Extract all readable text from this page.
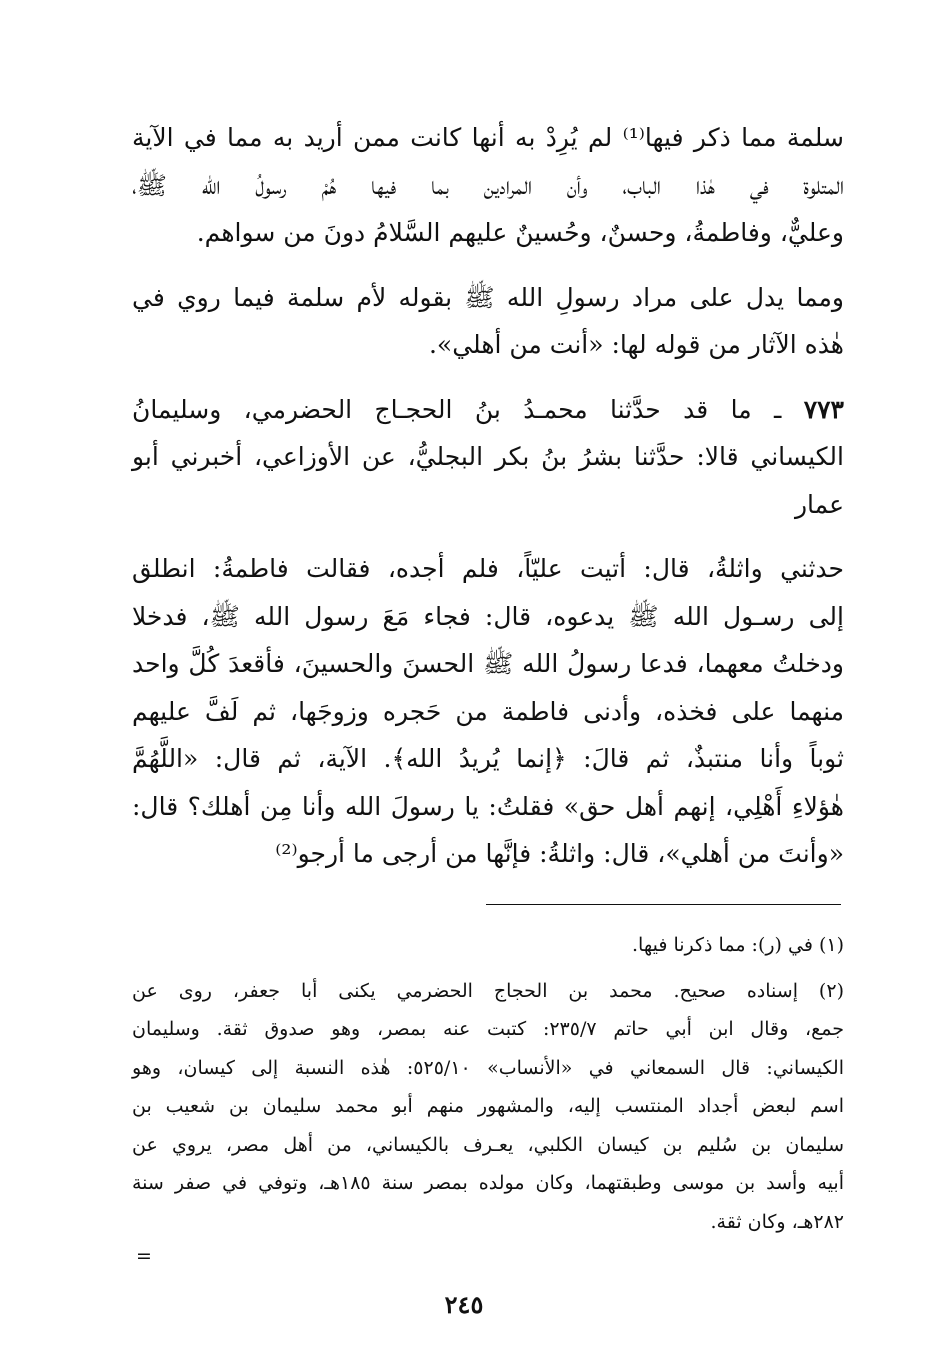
سلمة مما ذكر فيها⁽¹⁾ لم يُرِدْ به أنها كانت ممن أريد به مما في الآية
المتلوة في هٰذا الباب، وأن المرادين بما فيها هُمْ رسولُ الله ﷺ،
وعليٌّ، وفاطمةُ، وحسنٌ، وحُسينٌ عليهم السَّلامُ دونَ من سواهم.

ومما يدل على مراد رسولِ الله ﷺ بقوله لأم سلمة فيما روي في
هٰذه الآثار من قوله لها: «أنت من أهلي».

٧٧٣ ـ ما قد حدَّثنا محمـدُ بنُ الحجـاج الحضرمي، وسليمانُ
الكيساني قالا: حدَّثنا بشرُ بنُ بكر البجليُّ، عن الأوزاعي، أخبرني أبو
عمار

حدثني واثلةُ، قال: أتيت عليّاً، فلم أجده، فقالت فاطمةُ: انطلق
إلى رسـول الله ﷺ يدعوه، قال: فجاء مَعَ رسول الله ﷺ، فدخلا
ودخلتُ معهما، فدعا رسولُ الله ﷺ الحسنَ والحسينَ، فأقعدَ كُلَّ واحد
منهما على فخذه، وأدنى فاطمة من حَجره وزوجَها، ثم لَفَّ عليهم
ثوباً وأنا منتبذٌ، ثم قالَ: ﴿إنما يُريدُ الله﴾. الآية، ثم قال: «اللَّهُمَّ
هٰؤلاءِ أَهْلِي، إنهم أهل حق» فقلتُ: يا رسولَ الله وأنا مِن أهلك؟ قال:
«وأنتَ من أهلي»، قال: واثلةُ: فإنَّها من أرجى ما أرجو⁽²⁾

(١) في (ر): مما ذكرنا فيها.

(٢) إسناده صحيح. محمد بن الحجاج الحضرمي يكنى أبا جعفر، روى عن
جمع، وقال ابن أبي حاتم ٢٣٥/٧: كتبت عنه بمصر، وهو صدوق ثقة. وسليمان
الكيساني: قال السمعاني في «الأنساب» ٥٢٥/١٠: هٰذه النسبة إلى كيسان، وهو
اسم لبعض أجداد المنتسب إليه، والمشهور منهم أبو محمد سليمان بن شعيب بن
سليمان بن سُليم بن كيسان الكلبي، يعـرف بالكيساني، من أهل مصر، يروي عن
أبيه وأسد بن موسى وطبقتهما، وكان مولده بمصر سنة ١٨٥هـ، وتوفي في صفر سنة
٢٨٢هـ، وكان ثقة.

=
٢٤٥
